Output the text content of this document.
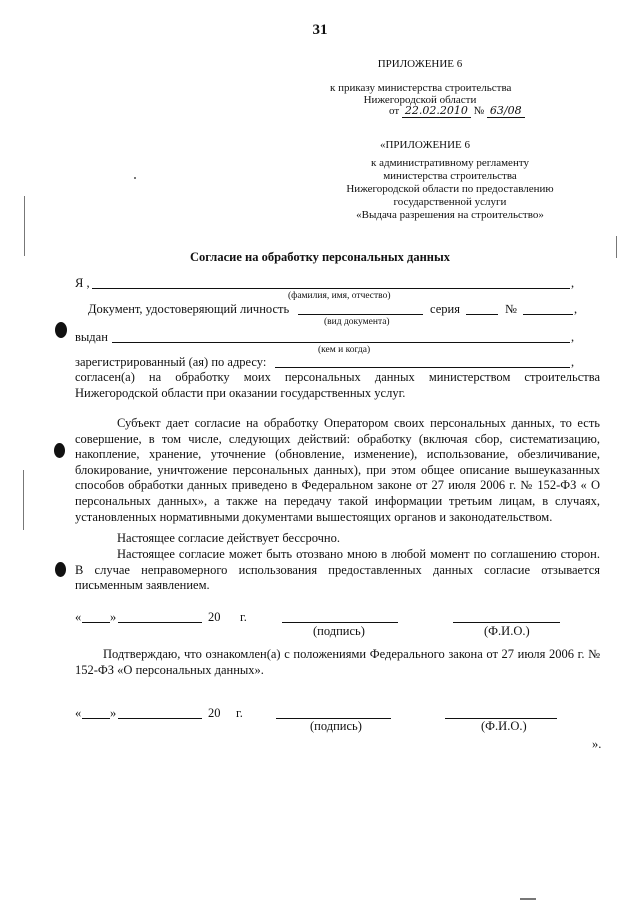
31
ПРИЛОЖЕНИЕ 6
к приказу министерства строительства
Нижегородской области
от 22.02.2010 № 63/08
«ПРИЛОЖЕНИЕ 6
к административному регламенту
министерства строительства
Нижегородской области по предоставлению
государственной услуги
«Выдача разрешения на строительство»
Согласие на обработку персональных данных
Я ,	,
(фамилия, имя, отчество)
Документ, удостоверяющий личность	серия	№	,
(вид документа)
выдан	,
(кем и когда)
зарегистрированный (ая) по адресу:	,

согласен(а) на обработку моих персональных данных министерством строительства Нижегородской области при оказании государственных услуг.

Субъект дает согласие на обработку Оператором своих персональных данных, то есть совершение, в том числе, следующих действий: обработку (включая сбор, систематизацию, накопление, хранение, уточнение (обновление, изменение), использование, обезличивание, блокирование, уничтожение персональных данных), при этом общее описание вышеуказанных способов обработки данных приведено в Федеральном законе от 27 июля 2006 г. № 152-ФЗ « О персональных данных», а также на передачу такой информации третьим лицам, в случаях, установленных нормативными документами вышестоящих органов и законодательством.

Настоящее согласие действует бессрочно.

Настоящее согласие может быть отозвано мною в любой момент по соглашению сторон. В случае неправомерного использования предоставленных данных согласие отзывается письменным заявлением.

« »	20 г.
(подпись)	(Ф.И.О.)

Подтверждаю, что ознакомлен(а) с положениями Федерального закона от 27 июля 2006 г. № 152-ФЗ «О персональных данных».

« »	20 г.
(подпись)	(Ф.И.О.)
».
